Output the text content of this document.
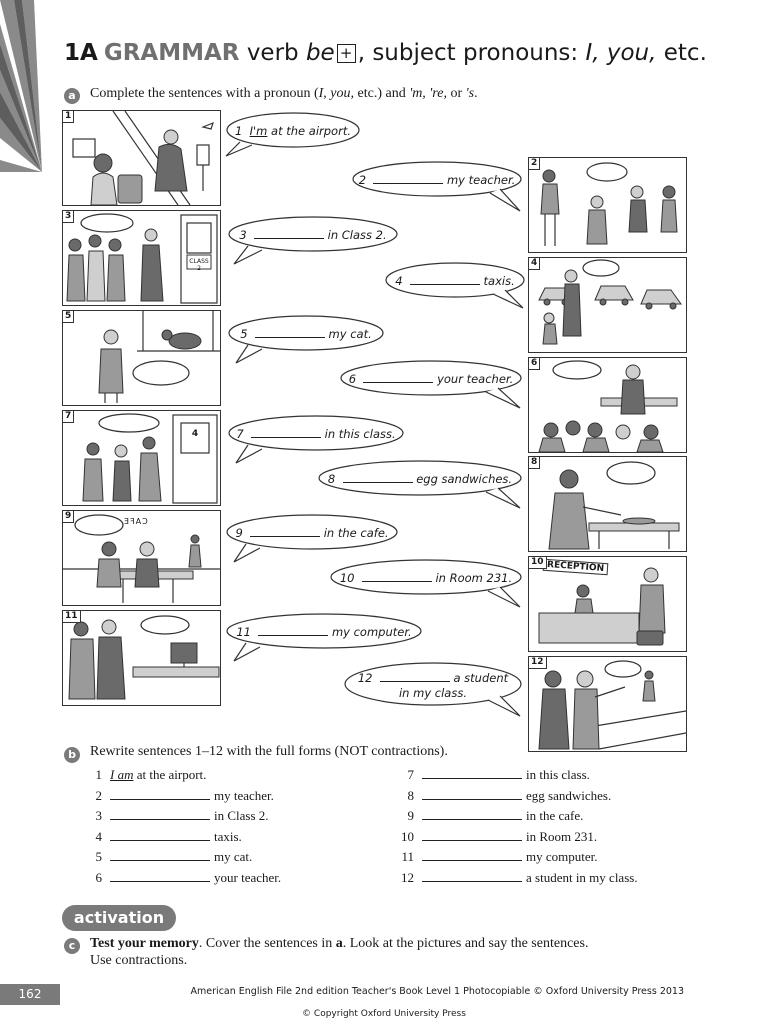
1A GRAMMAR verb be + , subject pronouns: I, you, etc.
a	Complete the sentences with a pronoun (I, you, etc.) and 'm, 're, or 's.
1
CLASS 2
3
5
4
7
CAFE
9
11
2
4
6
8
RECEPTION
10
12
1 I'm at the airport.
2	my teacher.
3	in Class 2.
4	taxis.
5	my cat.
6	your teacher.
7	in this class.
8	egg sandwiches.
9	in the cafe.
10	in Room 231.
11	my computer.
12	a student
in my class.
b Rewrite sentences 1–12 with the full forms (NOT contractions).
1 I am at the airport.
2	my teacher.
3	in Class 2.
4	taxis.
5	my cat.
6	your teacher.
7	in this class.
8	egg sandwiches.
9	in the cafe.
10	in Room 231.
11	my computer.
12	a student in my class.
activation
c	Test your memory. Cover the sentences in a. Look at the pictures and say the sentences.
Use contractions.
162	American English File 2nd edition Teacher's Book Level 1 Photocopiable © Oxford University Press 2013
© Copyright Oxford University Press
